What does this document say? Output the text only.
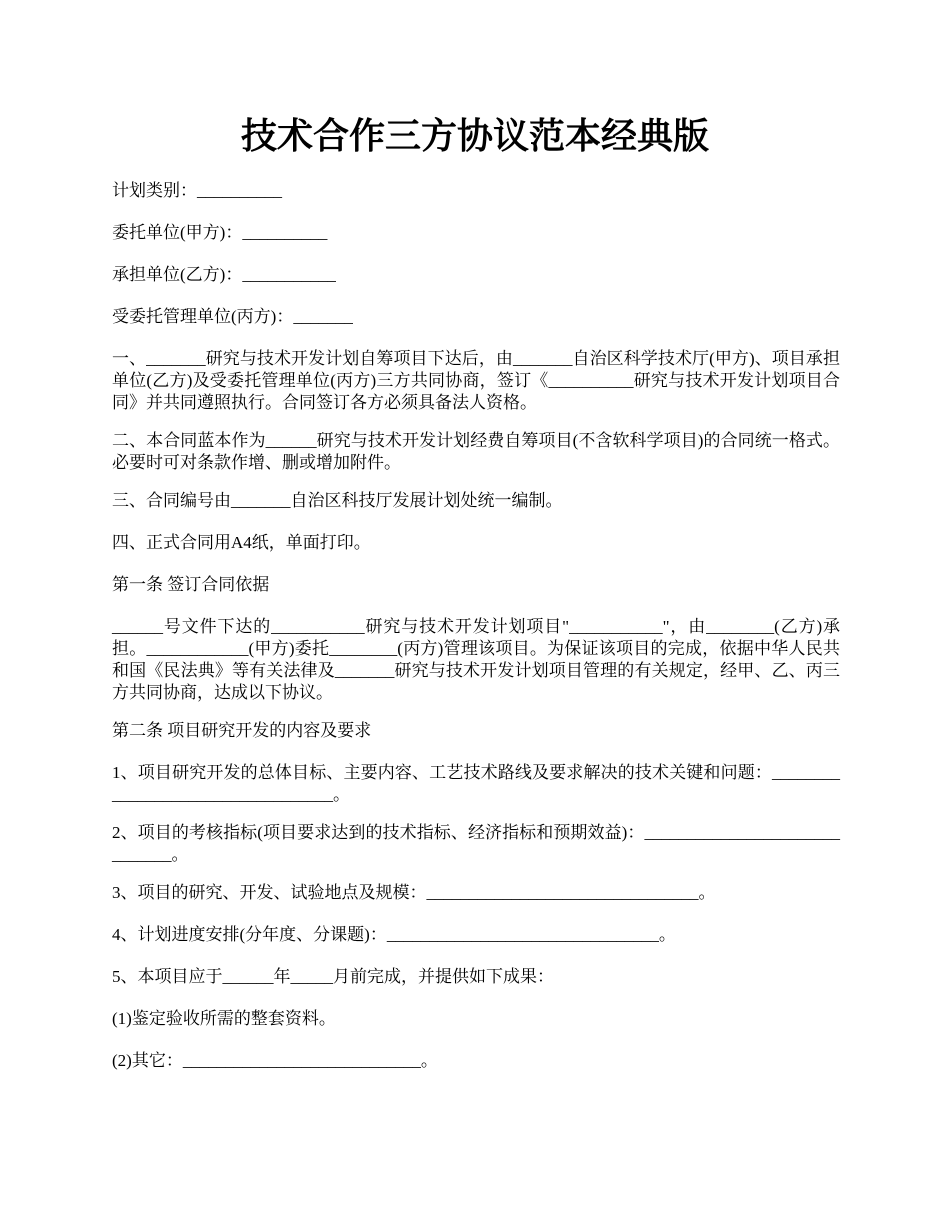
技术合作三方协议范本经典版

计划类别：__________

委托单位(甲方)：__________

承担单位(乙方)：___________

受委托管理单位(丙方)：_______

一、_______研究与技术开发计划自筹项目下达后，由_______自治区科学技术厅(甲方)、项目承担单位(乙方)及受委托管理单位(丙方)三方共同协商，签订《__________研究与技术开发计划项目合同》并共同遵照执行。合同签订各方必须具备法人资格。

二、本合同蓝本作为______研究与技术开发计划经费自筹项目(不含软科学项目)的合同统一格式。必要时可对条款作增、删或增加附件。

三、合同编号由_______自治区科技厅发展计划处统一编制。

四、正式合同用A4纸，单面打印。

第一条 签订合同依据

______号文件下达的___________研究与技术开发计划项目"___________"，由________(乙方)承担。____________(甲方)委托________(丙方)管理该项目。为保证该项目的完成，依据中华人民共和国《民法典》等有关法律及_______研究与技术开发计划项目管理的有关规定，经甲、乙、丙三方共同协商，达成以下协议。

第二条 项目研究开发的内容及要求

1、项目研究开发的总体目标、主要内容、工艺技术路线及要求解决的技术关键和问题：__________________________________。

2、项目的考核指标(项目要求达到的技术指标、经济指标和预期效益)：______________________________。

3、项目的研究、开发、试验地点及规模：________________________________。

4、计划进度安排(分年度、分课题)：________________________________。

5、本项目应于______年_____月前完成，并提供如下成果：

(1)鉴定验收所需的整套资料。

(2)其它：____________________________。
